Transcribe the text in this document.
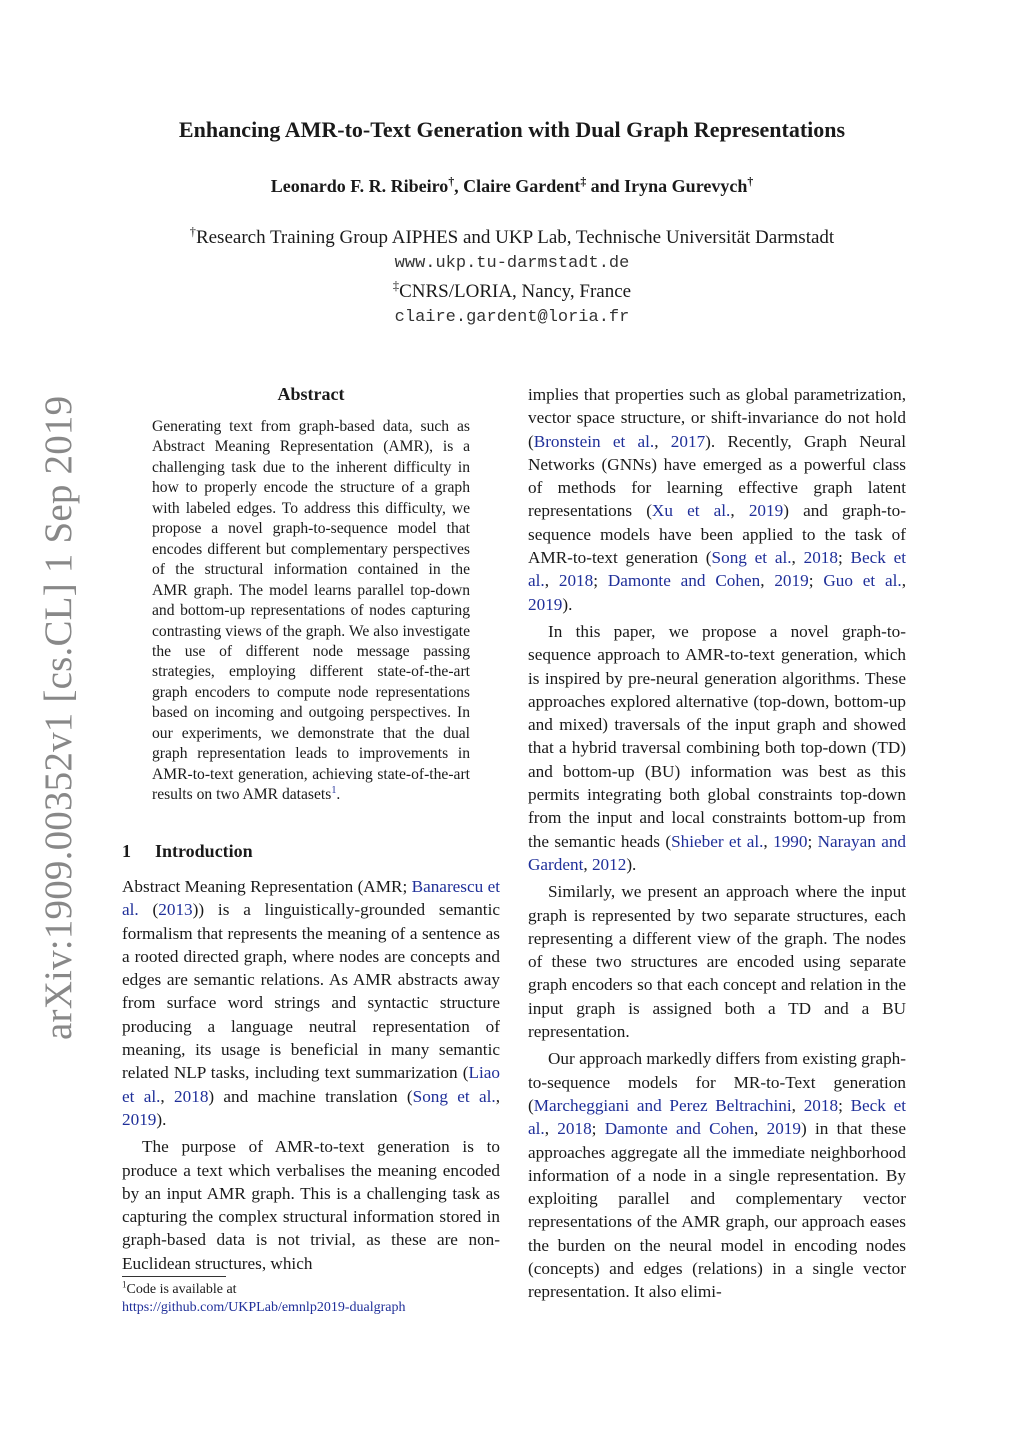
arXiv:1909.00352v1 [cs.CL] 1 Sep 2019
Enhancing AMR-to-Text Generation with Dual Graph Representations
Leonardo F. R. Ribeiro†, Claire Gardent‡ and Iryna Gurevych†
†Research Training Group AIPHES and UKP Lab, Technische Universität Darmstadt
www.ukp.tu-darmstadt.de
‡CNRS/LORIA, Nancy, France
claire.gardent@loria.fr
Abstract
Generating text from graph-based data, such as Abstract Meaning Representation (AMR), is a challenging task due to the inherent difficulty in how to properly encode the structure of a graph with labeled edges. To address this difficulty, we propose a novel graph-to-sequence model that encodes different but complementary perspectives of the structural information contained in the AMR graph. The model learns parallel top-down and bottom-up representations of nodes capturing contrasting views of the graph. We also investigate the use of different node message passing strategies, employing different state-of-the-art graph encoders to compute node representations based on incoming and outgoing perspectives. In our experiments, we demonstrate that the dual graph representation leads to improvements in AMR-to-text generation, achieving state-of-the-art results on two AMR datasets$^1$.
1 Introduction

Abstract Meaning Representation (AMR; Banarescu et al. (2013)) is a linguistically-grounded semantic formalism that represents the meaning of a sentence as a rooted directed graph, where nodes are concepts and edges are semantic relations. As AMR abstracts away from surface word strings and syntactic structure producing a language neutral representation of meaning, its usage is beneficial in many semantic related NLP tasks, including text summarization (Liao et al., 2018) and machine translation (Song et al., 2019).

The purpose of AMR-to-text generation is to produce a text which verbalises the meaning encoded by an input AMR graph. This is a challenging task as capturing the complex structural information stored in graph-based data is not trivial, as these are non-Euclidean structures, which

implies that properties such as global parametrization, vector space structure, or shift-invariance do not hold (Bronstein et al., 2017). Recently, Graph Neural Networks (GNNs) have emerged as a powerful class of methods for learning effective graph latent representations (Xu et al., 2019) and graph-to-sequence models have been applied to the task of AMR-to-text generation (Song et al., 2018; Beck et al., 2018; Damonte and Cohen, 2019; Guo et al., 2019).

In this paper, we propose a novel graph-to-sequence approach to AMR-to-text generation, which is inspired by pre-neural generation algorithms. These approaches explored alternative (top-down, bottom-up and mixed) traversals of the input graph and showed that a hybrid traversal combining both top-down (TD) and bottom-up (BU) information was best as this permits integrating both global constraints top-down from the input and local constraints bottom-up from the semantic heads (Shieber et al., 1990; Narayan and Gardent, 2012).

Similarly, we present an approach where the input graph is represented by two separate structures, each representing a different view of the graph. The nodes of these two structures are encoded using separate graph encoders so that each concept and relation in the input graph is assigned both a TD and a BU representation.

Our approach markedly differs from existing graph-to-sequence models for MR-to-Text generation (Marcheggiani and Perez Beltrachini, 2018; Beck et al., 2018; Damonte and Cohen, 2019) in that these approaches aggregate all the immediate neighborhood information of a node in a single representation. By exploiting parallel and complementary vector representations of the AMR graph, our approach eases the burden on the neural model in encoding nodes (concepts) and edges (relations) in a single vector representation. It also elimi-

$^1$Code is available at
https://github.com/UKPLab/emnlp2019-dualgraph
